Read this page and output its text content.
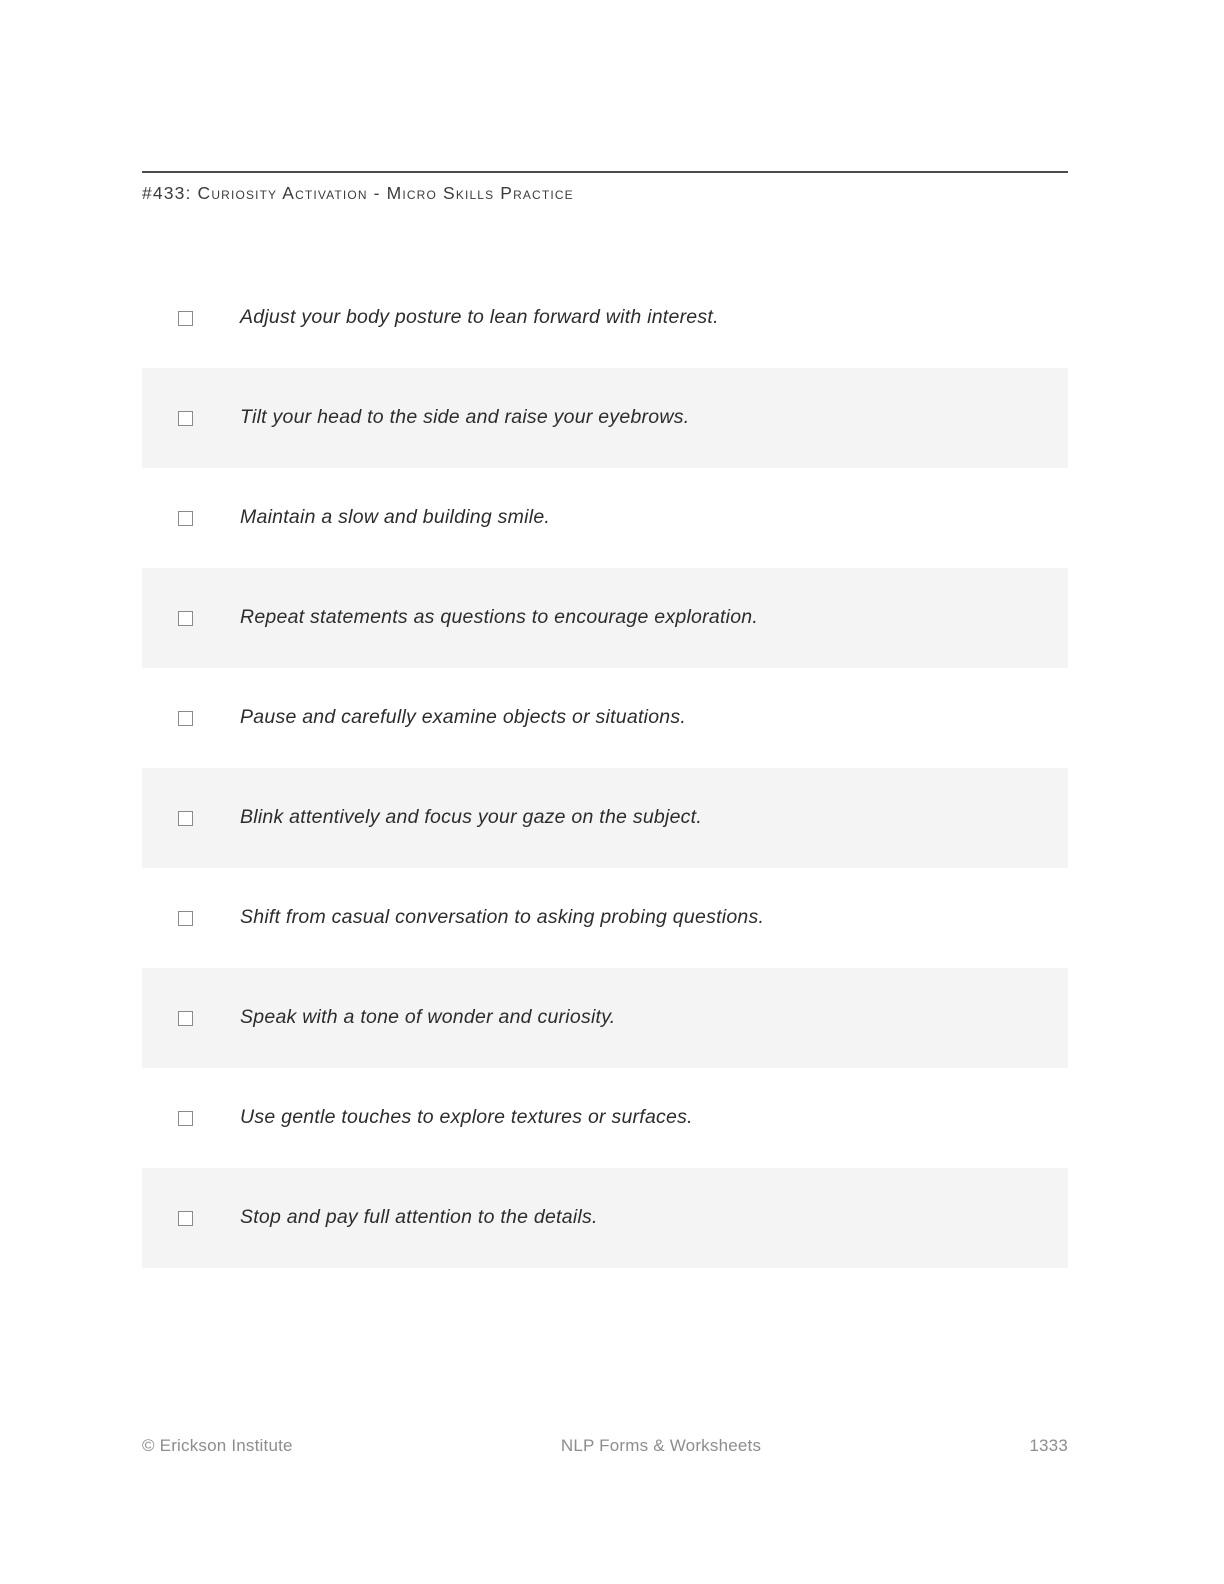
#433: Curiosity Activation - Micro Skills Practice
Adjust your body posture to lean forward with interest.
Tilt your head to the side and raise your eyebrows.
Maintain a slow and building smile.
Repeat statements as questions to encourage exploration.
Pause and carefully examine objects or situations.
Blink attentively and focus your gaze on the subject.
Shift from casual conversation to asking probing questions.
Speak with a tone of wonder and curiosity.
Use gentle touches to explore textures or surfaces.
Stop and pay full attention to the details.
© Erickson Institute	NLP Forms & Worksheets	1333
